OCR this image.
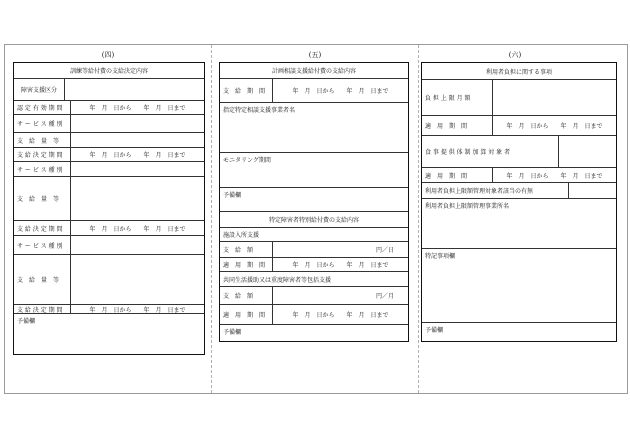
(四)
訓練等給付費の支給決定内容
障害支援区分
認 定 有 効 期 間	年　月　日から　　年　月　日まで
サ ー ビ ス 種 別
支　給　量　等
支 給 決 定 期 間	年　月　日から　　年　月　日まで
サ ー ビ ス 種 別
支　給　量　等
支 給 決 定 期 間	年　月　日から　　年　月　日まで
サ ー ビ ス 種 別
支　給　量　等
支 給 決 定 期 間	年　月　日から　　年　月　日まで
予備欄
(五)
計画相談支援給付費の支給内容
支　給　期　間	年　月　日から　　年　月　日まで
指定特定相談支援事業者名
モニタリング期間
予備欄
特定障害者特別給付費の支給内容
施設入所支援
支　給　額	円／日
適　用　期　間	年　月　日から　　年　月　日まで
共同生活援助又は重度障害者等包括支援
支　給　額	円／月
適　用　期　間	年　月　日から　　年　月　日まで
予備欄
(六)
利用者負担に関する事項
負 担 上 限 月 額
適　用　期　間	年　月　日から　　年　月　日まで
食 事 提 供 体 制 加 算 対 象 者
適　用　期　間	年　月　日から　　年　月　日まで
利用者負担上限額管理対象者該当の有無
利用者負担上限額管理事業所名
特記事項欄
予備欄
